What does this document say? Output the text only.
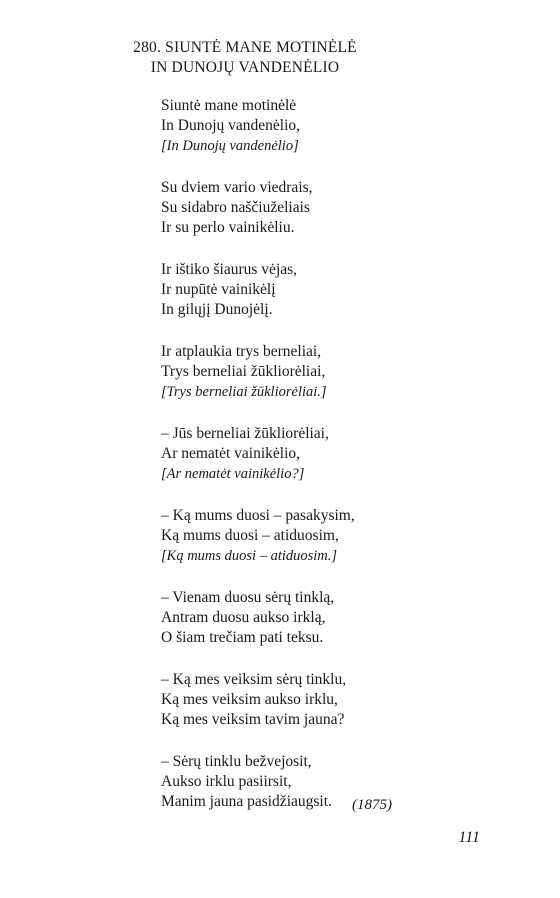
280. SIUNTĖ MANE MOTINĖLĖ
IN DUNOJŲ VANDENĖLIO
Siuntė mane motinėlė
In Dunojų vandenėlio,
[In Dunojų vandenėlio]
Su dviem vario viedrais,
Su sidabro naščiuželiais
Ir su perlo vainikėliu.
Ir ištiko šiaurus vėjas,
Ir nupūtė vainikėlį
In gilųjį Dunojėlį.
Ir atplaukia trys berneliai,
Trys berneliai žūkliorėliai,
[Trys berneliai žūkliorėliai.]
– Jūs berneliai žūkliorėliai,
Ar nematėt vainikėlio,
[Ar nematėt vainikėlio?]
– Ką mums duosi – pasakysim,
Ką mums duosi – atiduosim,
[Ką mums duosi – atiduosim.]
– Vienam duosu sėrų tinklą,
Antram duosu aukso irklą,
O šiam trečiam pati teksu.
– Ką mes veiksim sėrų tinklu,
Ką mes veiksim aukso irklu,
Ką mes veiksim tavim jauna?
– Sėrų tinklu bežvejosit,
Aukso irklu pasiirsit,
Manim jauna pasidžiaugsit.	(1875)
111
